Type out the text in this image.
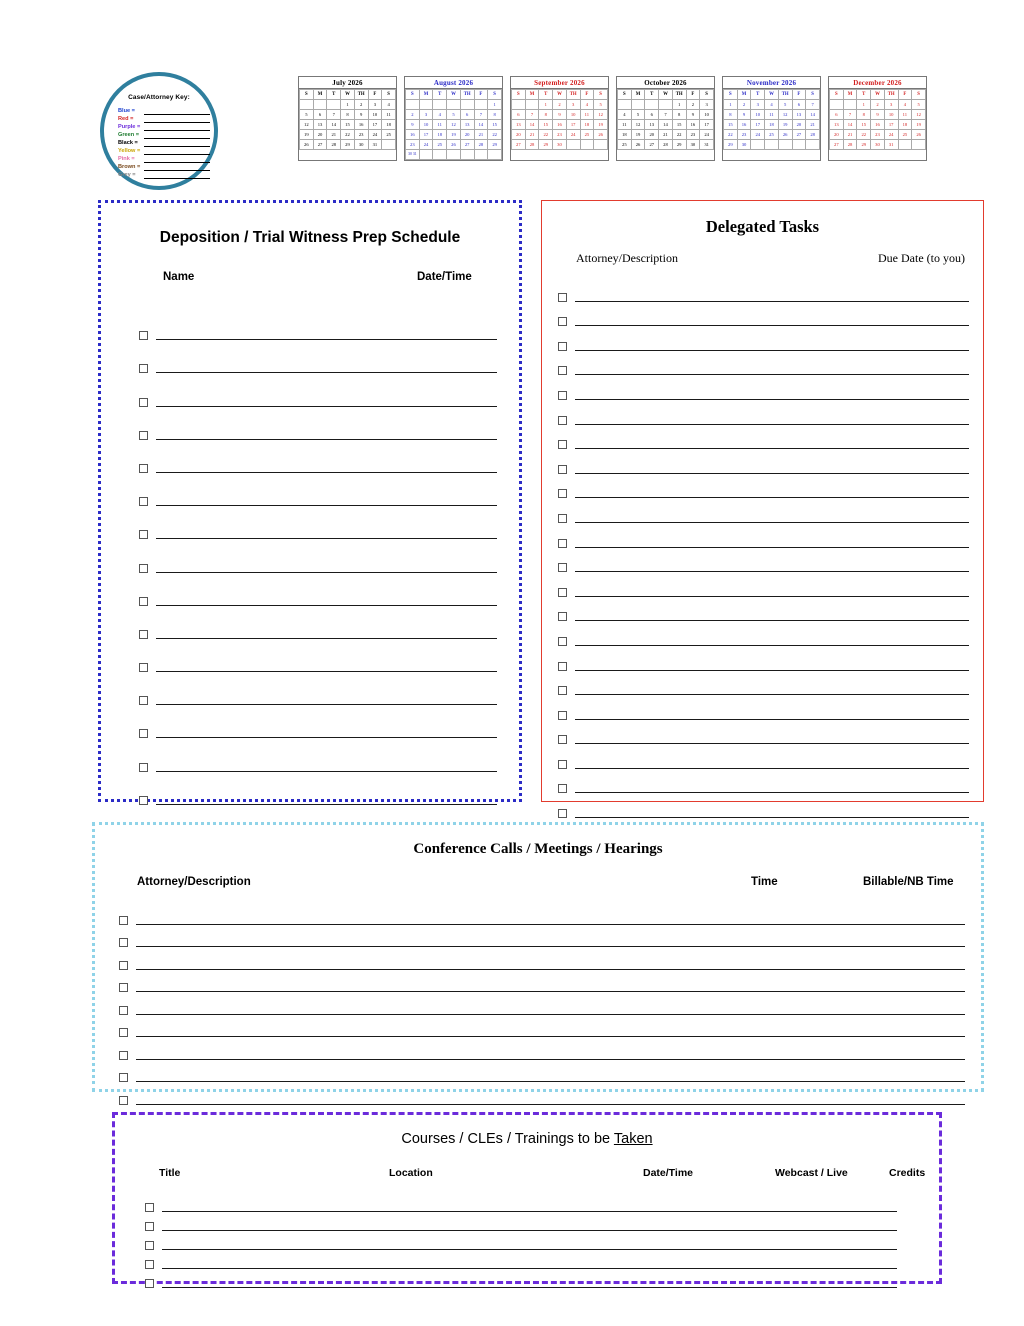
Case/Attorney Key:
Blue =
Red =
Purple =
Green =
Black =
Yellow =
Pink =
Brown =
Grey =
July 2026
S	M	T	W	TH	F	S
			1	2	3	4
5	6	7	8	9	10	11
12	13	14	15	16	17	18
19	20	21	22	23	24	25
26	27	28	29	30	31	
August 2026
S	M	T	W	TH	F	S
						1
2	3	4	5	6	7	8
9	10	11	12	13	14	15
16	17	18	19	20	21	22
23	24	25	26	27	28	29
30 31						
September 2026
S	M	T	W	TH	F	S
		1	2	3	4	5
6	7	8	9	10	11	12
13	14	15	16	17	18	19
20	21	22	23	24	25	26
27	28	29	30			
October 2026
S	M	T	W	TH	F	S
				1	2	3
4	5	6	7	8	9	10
11	12	13	14	15	16	17
18	19	20	21	22	23	24
25	26	27	28	29	30	31
November 2026
S	M	T	W	TH	F	S
1	2	3	4	5	6	7
8	9	10	11	12	13	14
15	16	17	18	19	20	21
22	23	24	25	26	27	28
29	30					
December 2026
S	M	T	W	TH	F	S
		1	2	3	4	5
6	7	8	9	10	11	12
13	14	15	16	17	18	19
20	21	22	23	24	25	26
27	28	29	30	31		
Deposition / Trial Witness Prep Schedule
Name	Date/Time
Delegated Tasks
Attorney/Description	Due Date (to you)
Conference Calls / Meetings / Hearings
Attorney/Description	Time	Billable/NB Time
Courses / CLEs / Trainings to be Taken
Title	Location	Date/Time	Webcast / Live	Credits
